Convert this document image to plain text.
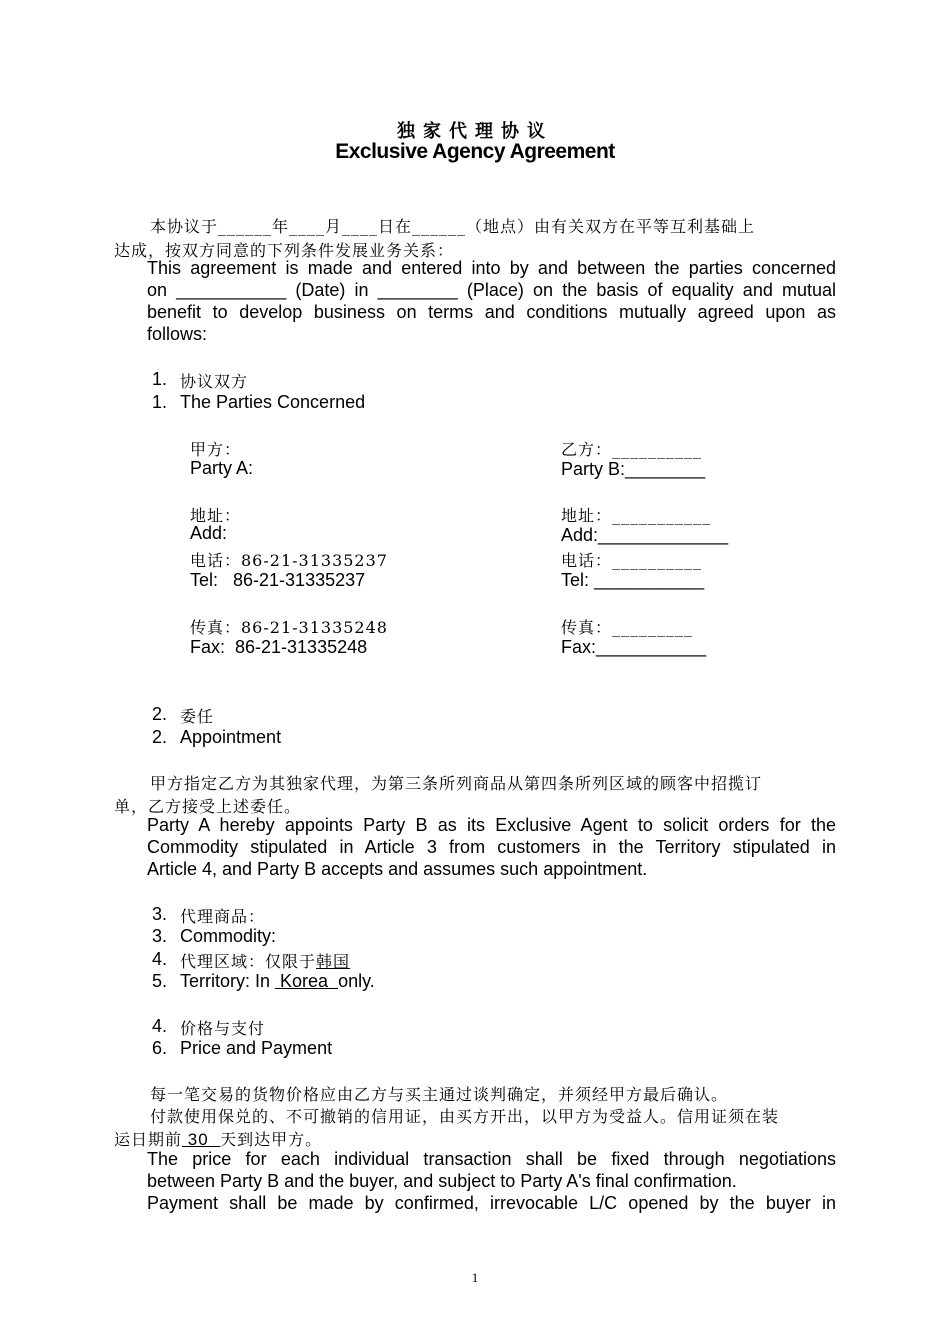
独家代理协议
Exclusive Agency Agreement
本协议于______年____月____日在______（地点）由有关双方在平等互利基础上
达成，按双方同意的下列条件发展业务关系：
This agreement is made and entered into by and between the parties concerned
on ___________ (Date) in ________ (Place) on the basis of equality and mutual
benefit to develop business on terms and conditions mutually agreed upon as
follows:
1. 协议双方
1. The Parties Concerned
甲方：
Party A:
地址：
Add:
电话：86-21-31335237
Tel:   86-21-31335237
传真：86-21-31335248
Fax:  86-21-31335248
乙方：__________
Party B:________
地址：___________
Add:_____________
电话：__________
Tel: ___________
传真：_________
Fax:___________
2. 委任
2. Appointment
甲方指定乙方为其独家代理，为第三条所列商品从第四条所列区域的顾客中招揽订
单，乙方接受上述委任。
Party A hereby appoints Party B as its Exclusive Agent to solicit orders for the
Commodity stipulated in Article 3 from customers in the Territory stipulated in
Article 4, and Party B accepts and assumes such appointment.
3. 代理商品：
3. Commodity:
4. 代理区域：仅限于韩国
5. Territory: In  Korea  only.
4. 价格与支付
6. Price and Payment
每一笔交易的货物价格应由乙方与买主通过谈判确定，并须经甲方最后确认。
付款使用保兑的、不可撤销的信用证，由买方开出，以甲方为受益人。信用证须在装
运日期前 30  天到达甲方。
The price for each individual transaction shall be fixed through negotiations
between Party B and the buyer, and subject to Party A's final confirmation.
Payment shall be made by confirmed, irrevocable L/C opened by the buyer in
1
